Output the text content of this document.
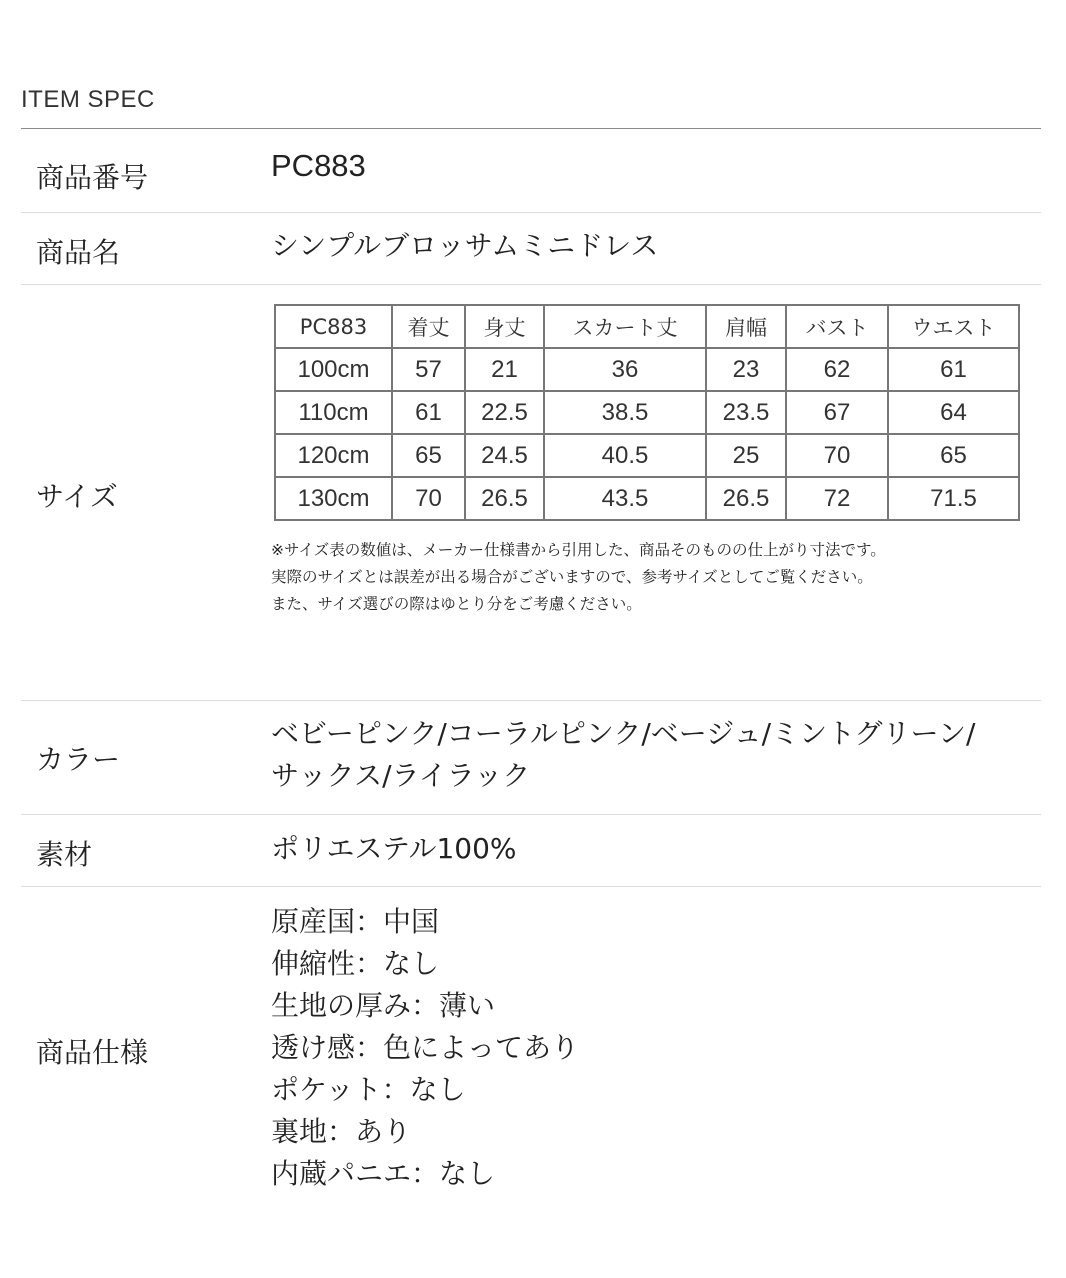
ITEM SPEC
商品番号	PC883
商品名	シンプルブロッサムミニドレス
サイズ
PC883	着丈	身丈	スカート丈	肩幅	バスト	ウエスト
100cm	57	21	36	23	62	61
110cm	61	22.5	38.5	23.5	67	64
120cm	65	24.5	40.5	25	70	65
130cm	70	26.5	43.5	26.5	72	71.5
※サイズ表の数値は、メーカー仕様書から引用した、商品そのものの仕上がり寸法です。
実際のサイズとは誤差が出る場合がございますので、参考サイズとしてご覧ください。
また、サイズ選びの際はゆとり分をご考慮ください。
カラー
ベビーピンク/コーラルピンク/ベージュ/ミントグリーン/
サックス/ライラック
素材	ポリエステル100%
商品仕様
原産国：中国
伸縮性：なし
生地の厚み：薄い
透け感：色によってあり
ポケット：なし
裏地：あり
内蔵パニエ：なし
